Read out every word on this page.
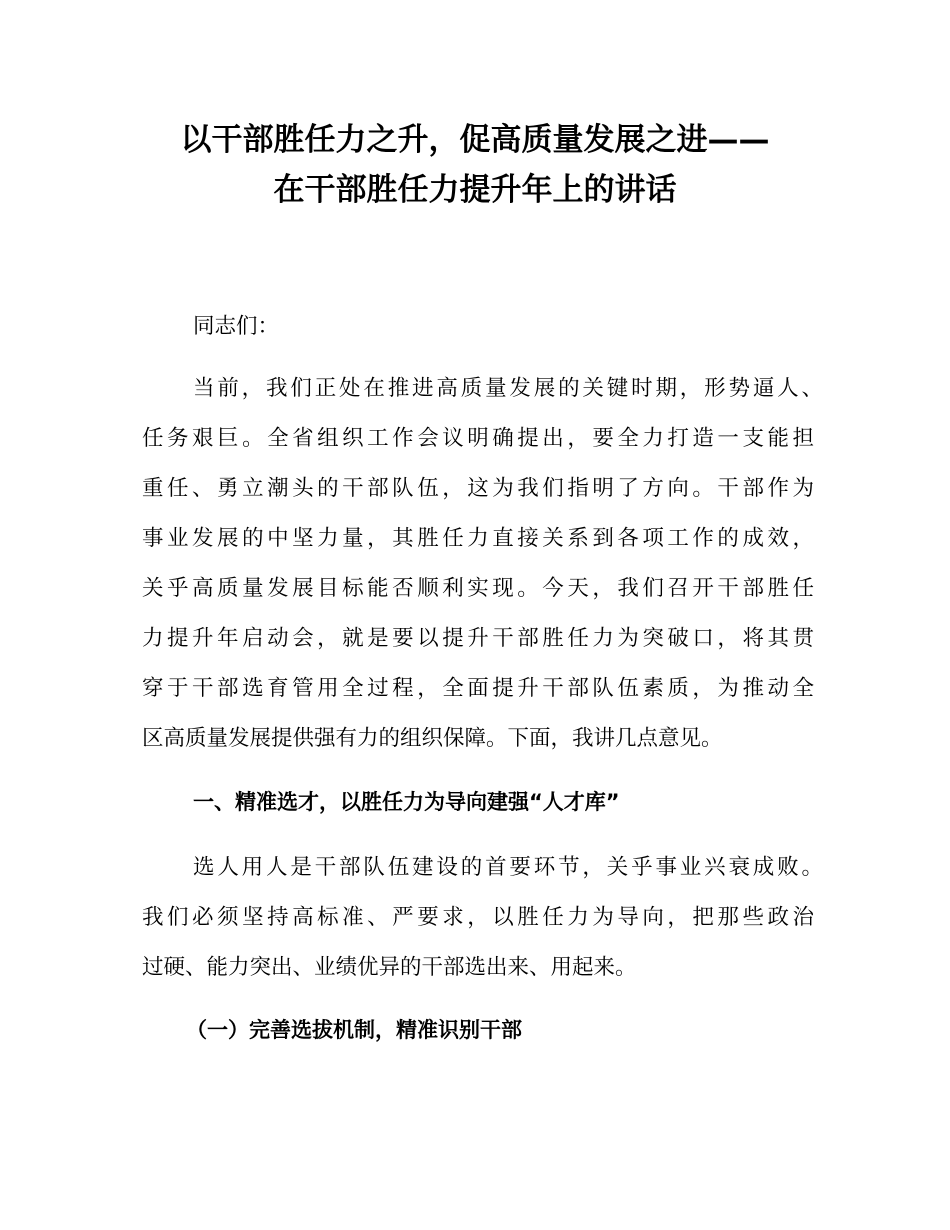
以干部胜任力之升，促高质量发展之进——
在干部胜任力提升年上的讲话
同志们：
当前，我们正处在推进高质量发展的关键时期，形势逼人、
任务艰巨。全省组织工作会议明确提出，要全力打造一支能担
重任、勇立潮头的干部队伍，这为我们指明了方向。干部作为
事业发展的中坚力量，其胜任力直接关系到各项工作的成效，
关乎高质量发展目标能否顺利实现。今天，我们召开干部胜任
力提升年启动会，就是要以提升干部胜任力为突破口，将其贯
穿于干部选育管用全过程，全面提升干部队伍素质，为推动全
区高质量发展提供强有力的组织保障。下面，我讲几点意见。
一、精准选才，以胜任力为导向建强“人才库”
选人用人是干部队伍建设的首要环节，关乎事业兴衰成败。
我们必须坚持高标准、严要求，以胜任力为导向，把那些政治
过硬、能力突出、业绩优异的干部选出来、用起来。
（一）完善选拔机制，精准识别干部
